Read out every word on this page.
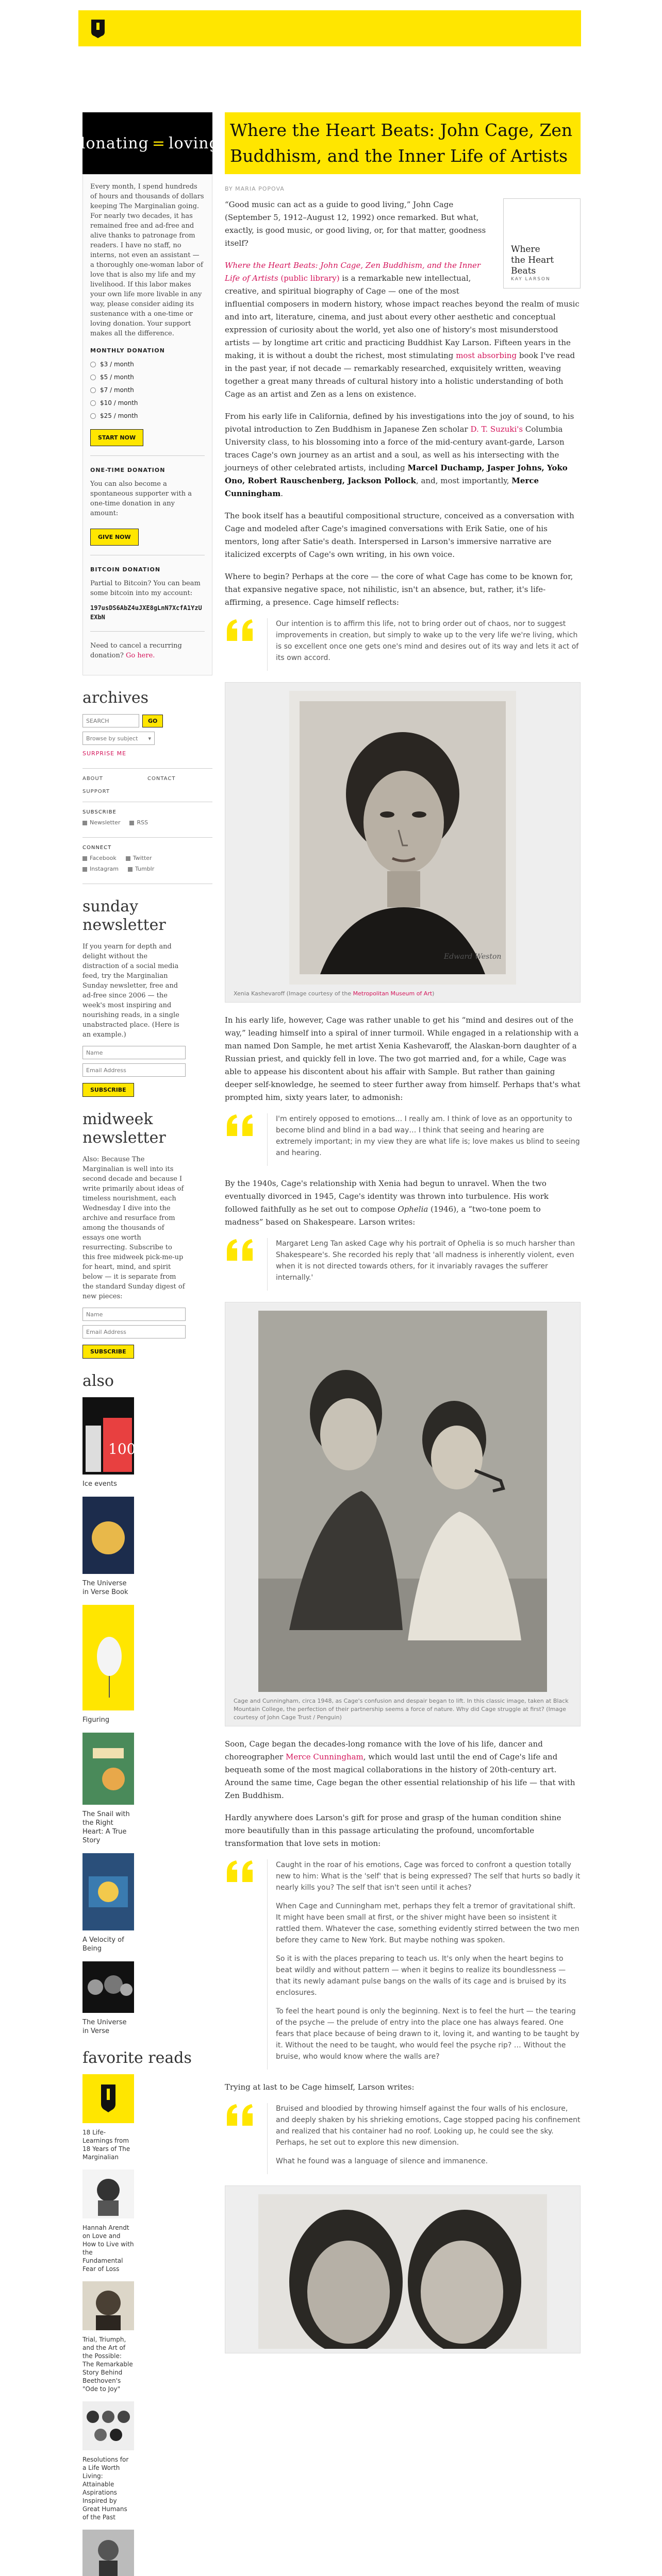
donating = loving

Every month, I spend hundreds of hours and thousands of dollars keeping The Marginalian going. For nearly two decades, it has remained free and ad-free and alive thanks to patronage from readers. I have no staff, no interns, not even an assistant — a thoroughly one-woman labor of love that is also my life and my livelihood. If this labor makes your own life more livable in any way, please consider aiding its sustenance with a one-time or loving donation. Your support makes all the difference.

MONTHLY DONATION
$3 / month
$5 / month
$7 / month
$10 / month
$25 / month
START NOW
ONE-TIME DONATION

You can also become a spontaneous supporter with a one-time donation in any amount:

GIVE NOW
BITCOIN DONATION

Partial to Bitcoin? You can beam some bitcoin into my account:

197usDS6AbZ4uJXE8gLnN7XcfA1YzUEXbN

Need to cancel a recurring donation? Go here.

archives
SEARCH	GO
Browse by subject ▾
SURPRISE ME
ABOUT	CONTACT
SUPPORT
SUBSCRIBE
Newsletter	RSS
CONNECT
Facebook	Twitter
Instagram	Tumblr
sunday newsletter

If you yearn for depth and delight without the distraction of a social media feed, try the Marginalian Sunday newsletter, free and ad-free since 2006 — the week's most inspiring and nourishing reads, in a single unabstracted place. (Here is an example.)

Name
Email Address
SUBSCRIBE
midweek newsletter

Also: Because The Marginalian is well into its second decade and because I write primarily about ideas of timeless nourishment, each Wednesday I dive into the archive and resurface from among the thousands of essays one worth resurrecting. Subscribe to this free midweek pick-me-up for heart, mind, and spirit below — it is separate from the standard Sunday digest of new pieces:

Name
Email Address
SUBSCRIBE
also
100
Ice events
The Universe in Verse Book
Figuring
The Snail with the Right Heart: A True Story
A Velocity of Being
The Universe in Verse
favorite reads
18 Life-Learnings from 18 Years of The Marginalian
Hannah Arendt on Love and How to Live with the Fundamental Fear of Loss
Trial, Triumph, and the Art of the Possible: The Remarkable Story Behind Beethoven's "Ode to Joy"
Resolutions for a Life Worth Living: Attainable Aspirations Inspired by Great Humans of the Past
Where the Heart Beats: John Cage, Zen Buddhism, and the Inner Life of Artists
BY MARIA POPOVA
Where
the Heart
Beats
KAY LARSON

“Good music can act as a guide to good living,” John Cage (September 5, 1912–August 12, 1992) once remarked. But what, exactly, is good music, or good living, or, for that matter, goodness itself?

Where the Heart Beats: John Cage, Zen Buddhism, and the Inner Life of Artists (public library) is a remarkable new intellectual, creative, and spiritual biography of Cage — one of the most influential composers in modern history, whose impact reaches beyond the realm of music and into art, literature, cinema, and just about every other aesthetic and conceptual expression of curiosity about the world, yet also one of history's most misunderstood artists — by longtime art critic and practicing Buddhist Kay Larson. Fifteen years in the making, it is without a doubt the richest, most stimulating most absorbing book I've read in the past year, if not decade — remarkably researched, exquisitely written, weaving together a great many threads of cultural history into a holistic understanding of both Cage as an artist and Zen as a lens on existence.

From his early life in California, defined by his investigations into the joy of sound, to his pivotal introduction to Zen Buddhism in Japanese Zen scholar D. T. Suzuki's Columbia University class, to his blossoming into a force of the mid-century avant-garde, Larson traces Cage's own journey as an artist and a soul, as well as his intersecting with the journeys of other celebrated artists, including Marcel Duchamp, Jasper Johns, Yoko Ono, Robert Rauschenberg, Jackson Pollock, and, most importantly, Merce Cunningham.

The book itself has a beautiful compositional structure, conceived as a conversation with Cage and modeled after Cage's imagined conversations with Erik Satie, one of his mentors, long after Satie's death. Interspersed in Larson's immersive narrative are italicized excerpts of Cage's own writing, in his own voice.

Where to begin? Perhaps at the core — the core of what Cage has come to be known for, that expansive negative space, not nihilistic, isn't an absence, but, rather, it's life-affirming, a presence. Cage himself reflects:

Our intention is to affirm this life, not to bring order out of chaos, nor to suggest improvements in creation, but simply to wake up to the very life we're living, which is so excellent once one gets one's mind and desires out of its way and lets it act of its own accord.

Edward Weston
Xenia Kashevaroff (Image courtesy of the Metropolitan Museum of Art)

In his early life, however, Cage was rather unable to get his “mind and desires out of the way,” leading himself into a spiral of inner turmoil. While engaged in a relationship with a man named Don Sample, he met artist Xenia Kashevaroff, the Alaskan-born daughter of a Russian priest, and quickly fell in love. The two got married and, for a while, Cage was able to appease his discontent about his affair with Sample. But rather than gaining deeper self-knowledge, he seemed to steer further away from himself. Perhaps that's what prompted him, sixty years later, to admonish:

I'm entirely opposed to emotions… I really am. I think of love as an opportunity to become blind and blind in a bad way… I think that seeing and hearing are extremely important; in my view they are what life is; love makes us blind to seeing and hearing.

By the 1940s, Cage's relationship with Xenia had begun to unravel. When the two eventually divorced in 1945, Cage's identity was thrown into turbulence. His work followed faithfully as he set out to compose Ophelia (1946), a “two-tone poem to madness” based on Shakespeare. Larson writes:

Margaret Leng Tan asked Cage why his portrait of Ophelia is so much harsher than Shakespeare's. She recorded his reply that 'all madness is inherently violent, even when it is not directed towards others, for it invariably ravages the sufferer internally.'

Cage and Cunningham, circa 1948, as Cage's confusion and despair began to lift. In this classic image, taken at Black Mountain College, the perfection of their partnership seems a force of nature. Why did Cage struggle at first? (Image courtesy of John Cage Trust / Penguin)

Soon, Cage began the decades-long romance with the love of his life, dancer and choreographer Merce Cunningham, which would last until the end of Cage's life and bequeath some of the most magical collaborations in the history of 20th-century art. Around the same time, Cage began the other essential relationship of his life — that with Zen Buddhism.

Hardly anywhere does Larson's gift for prose and grasp of the human condition shine more beautifully than in this passage articulating the profound, uncomfortable transformation that love sets in motion:

Caught in the roar of his emotions, Cage was forced to confront a question totally new to him: What is the 'self' that is being expressed? The self that hurts so badly it nearly kills you? The self that isn't seen until it aches?

When Cage and Cunningham met, perhaps they felt a tremor of gravitational shift. It might have been small at first, or the shiver might have been so insistent it rattled them. Whatever the case, something evidently stirred between the two men before they came to New York. But maybe nothing was spoken.

So it is with the places preparing to teach us. It's only when the heart begins to beat wildly and without pattern — when it begins to realize its boundlessness — that its newly adamant pulse bangs on the walls of its cage and is bruised by its enclosures.

To feel the heart pound is only the beginning. Next is to feel the hurt — the tearing of the psyche — the prelude of entry into the place one has always feared. One fears that place because of being drawn to it, loving it, and wanting to be taught by it. Without the need to be taught, who would feel the psyche rip? … Without the bruise, who would know where the walls are?

Trying at last to be Cage himself, Larson writes:

Bruised and bloodied by throwing himself against the four walls of his enclosure, and deeply shaken by his shrieking emotions, Cage stopped pacing his confinement and realized that his container had no roof. Looking up, he could see the sky. Perhaps, he set out to explore this new dimension.

What he found was a language of silence and immanence.
